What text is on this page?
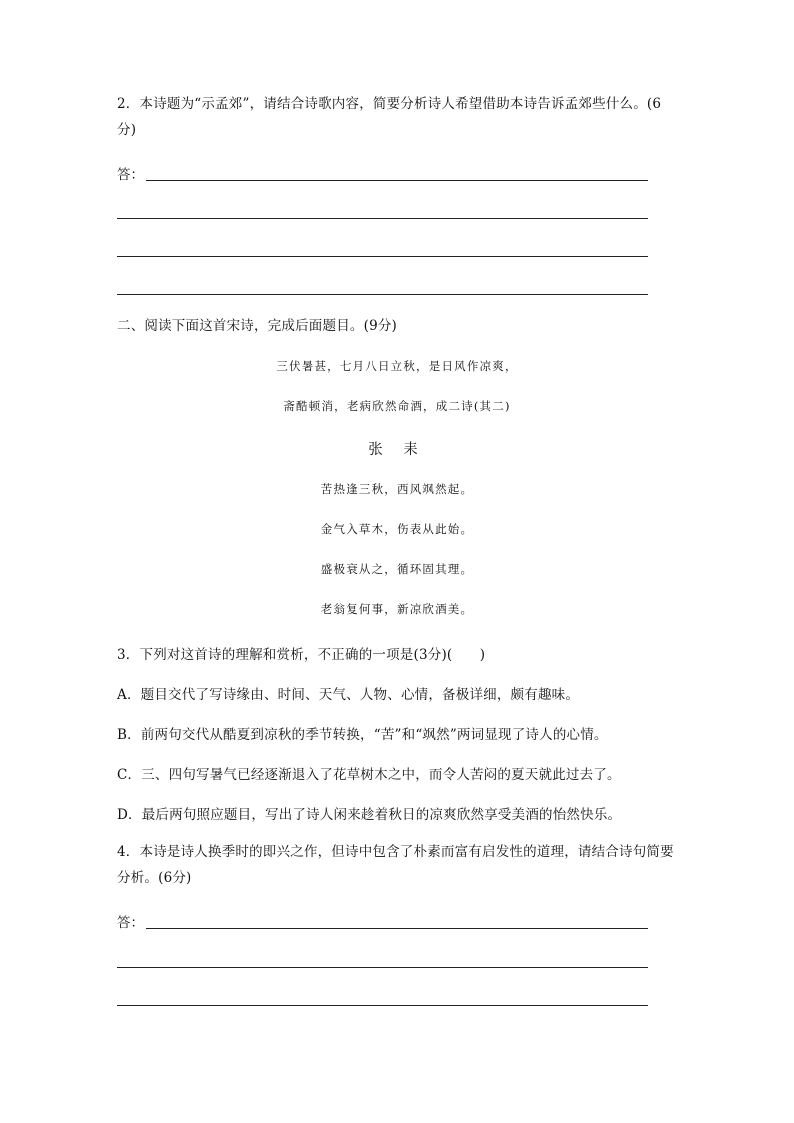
2．本诗题为“示孟郊”，请结合诗歌内容，简要分析诗人希望借助本诗告诉孟郊些什么。(6分)
答：
二、阅读下面这首宋诗，完成后面题目。(9分)
三伏暑甚，七月八日立秋，是日风作凉爽，
斋酷顿消，老病欣然命酒，成二诗(其二)
张 耒
苦热逢三秋，西风飒然起。
金气入草木，伤表从此始。
盛极衰从之，循环固其理。
老翁复何事，新凉欣酒美。
3．下列对这首诗的理解和赏析，不正确的一项是(3分)(　　)
A．题目交代了写诗缘由、时间、天气、人物、心情，备极详细，颇有趣味。
B．前两句交代从酷夏到凉秋的季节转换，“苦”和“飒然”两词显现了诗人的心情。
C．三、四句写暑气已经逐渐退入了花草树木之中，而令人苦闷的夏天就此过去了。
D．最后两句照应题目，写出了诗人闲来趁着秋日的凉爽欣然享受美酒的怡然快乐。
4．本诗是诗人换季时的即兴之作，但诗中包含了朴素而富有启发性的道理，请结合诗句简要分析。(6分)
答：
